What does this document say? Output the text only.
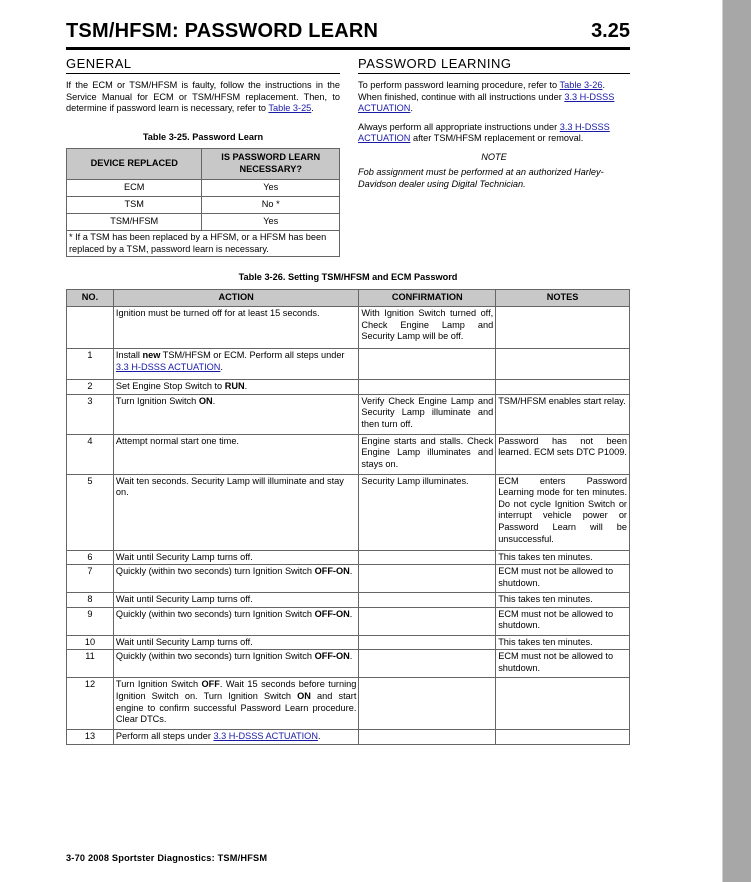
TSM/HFSM: PASSWORD LEARN	3.25
GENERAL

If the ECM or TSM/HFSM is faulty, follow the instructions in the Service Manual for ECM or TSM/HFSM replacement. Then, to determine if password learn is necessary, refer to Table 3-25.

Table 3-25. Password Learn
DEVICE REPLACED	IS PASSWORD LEARN NECESSARY?
ECM	Yes
TSM	No *
TSM/HFSM	Yes
* If a TSM has been replaced by a HFSM, or a HFSM has been replaced by a TSM, password learn is necessary.	
PASSWORD LEARNING

To perform password learning procedure, refer to Table 3-26. When finished, continue with all instructions under 3.3 H-DSSS ACTUATION.

Always perform all appropriate instructions under 3.3 H-DSSS ACTUATION after TSM/HFSM replacement or removal.

NOTE
Fob assignment must be performed at an authorized Harley-Davidson dealer using Digital Technician.
Table 3-26. Setting TSM/HFSM and ECM Password
NO.	ACTION	CONFIRMATION	NOTES
	Ignition must be turned off for at least 15 seconds.	With Ignition Switch turned off, Check Engine Lamp and Security Lamp will be off.	
1	Install new TSM/HFSM or ECM. Perform all steps under 3.3 H-DSSS ACTUATION.		
2	Set Engine Stop Switch to RUN.		
3	Turn Ignition Switch ON.	Verify Check Engine Lamp and Security Lamp illuminate and then turn off.	TSM/HFSM enables start relay.
4	Attempt normal start one time.	Engine starts and stalls. Check Engine Lamp illuminates and stays on.	Password has not been learned. ECM sets DTC P1009.
5	Wait ten seconds. Security Lamp will illuminate and stay on.	Security Lamp illuminates.	ECM enters Password Learning mode for ten minutes. Do not cycle Ignition Switch or interrupt vehicle power or Password Learn will be unsuccessful.
6	Wait until Security Lamp turns off.		This takes ten minutes.
7	Quickly (within two seconds) turn Ignition Switch OFF-ON.		ECM must not be allowed to shutdown.
8	Wait until Security Lamp turns off.		This takes ten minutes.
9	Quickly (within two seconds) turn Ignition Switch OFF-ON.		ECM must not be allowed to shutdown.
10	Wait until Security Lamp turns off.		This takes ten minutes.
11	Quickly (within two seconds) turn Ignition Switch OFF-ON.		ECM must not be allowed to shutdown.
12	Turn Ignition Switch OFF. Wait 15 seconds before turning Ignition Switch on. Turn Ignition Switch ON and start engine to confirm successful Password Learn procedure. Clear DTCs.		
13	Perform all steps under 3.3 H-DSSS ACTUATION.		
3-70 2008 Sportster Diagnostics: TSM/HFSM
